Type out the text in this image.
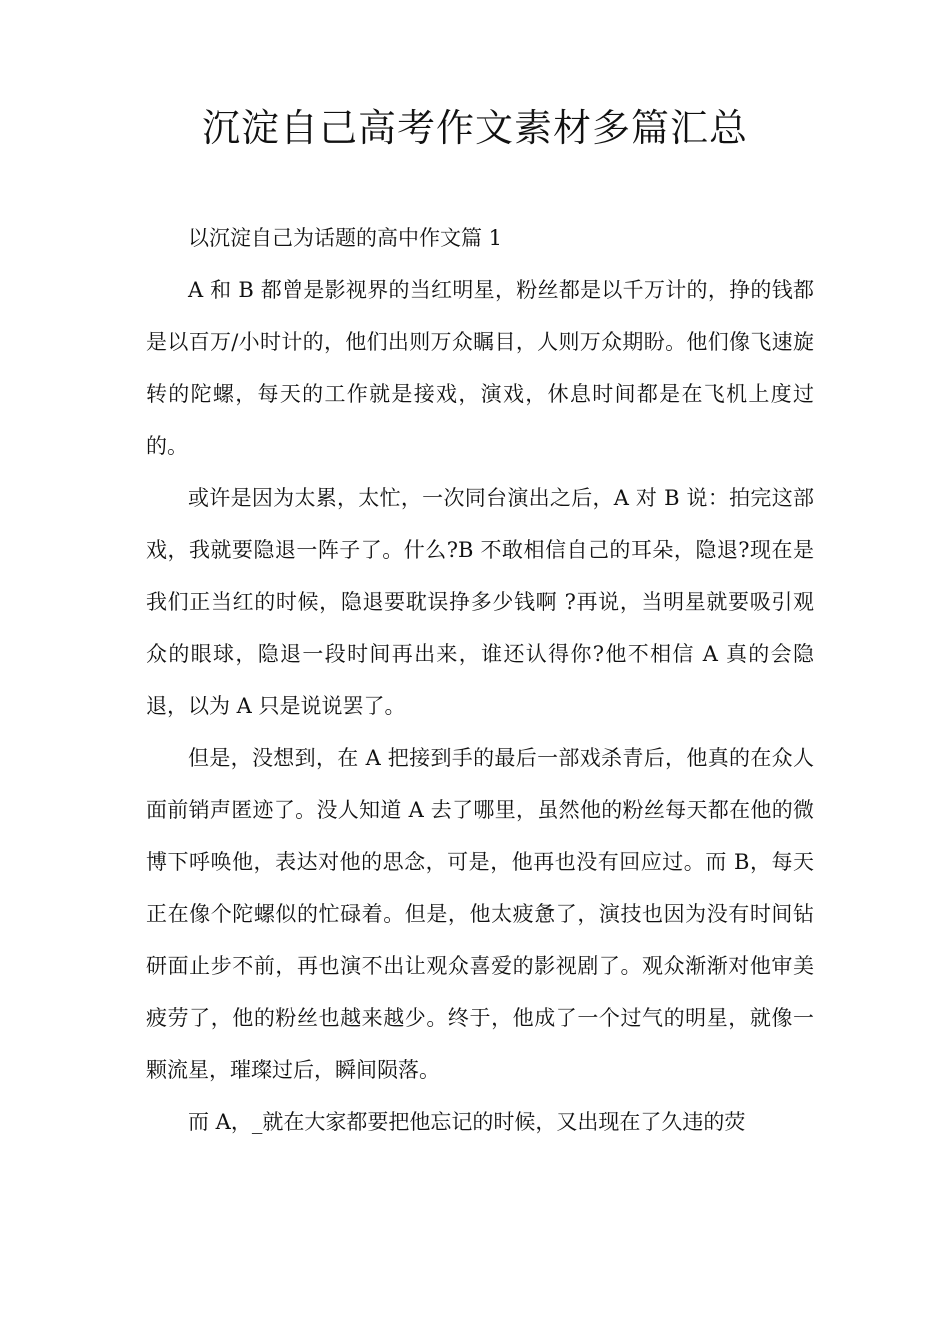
沉淀自己高考作文素材多篇汇总

以沉淀自己为话题的高中作文篇 1

A 和 B 都曾是影视界的当红明星，粉丝都是以千万计的，挣的钱都是以百万/小时计的，他们出则万众瞩目，人则万众期盼。他们像飞速旋转的陀螺，每天的工作就是接戏，演戏，休息时间都是在飞机上度过的。

或许是因为太累，太忙，一次同台演出之后，A 对 B 说：拍完这部戏，我就要隐退一阵子了。什么?B 不敢相信自己的耳朵，隐退?现在是我们正当红的时候，隐退要耽误挣多少钱啊 ?再说，当明星就要吸引观众的眼球，隐退一段时间再出来，谁还认得你?他不相信 A 真的会隐退，以为 A 只是说说罢了。

但是，没想到，在 A 把接到手的最后一部戏杀青后，他真的在众人面前销声匿迹了。没人知道 A 去了哪里，虽然他的粉丝每天都在他的微博下呼唤他，表达对他的思念，可是，他再也没有回应过。而 B，每天正在像个陀螺似的忙碌着。但是，他太疲惫了，演技也因为没有时间钻研面止步不前，再也演不出让观众喜爱的影视剧了。观众渐渐对他审美疲劳了，他的粉丝也越来越少。终于，他成了一个过气的明星，就像一颗流星，璀璨过后，瞬间陨落。

而 A，_就在大家都要把他忘记的时候，又出现在了久违的荧
